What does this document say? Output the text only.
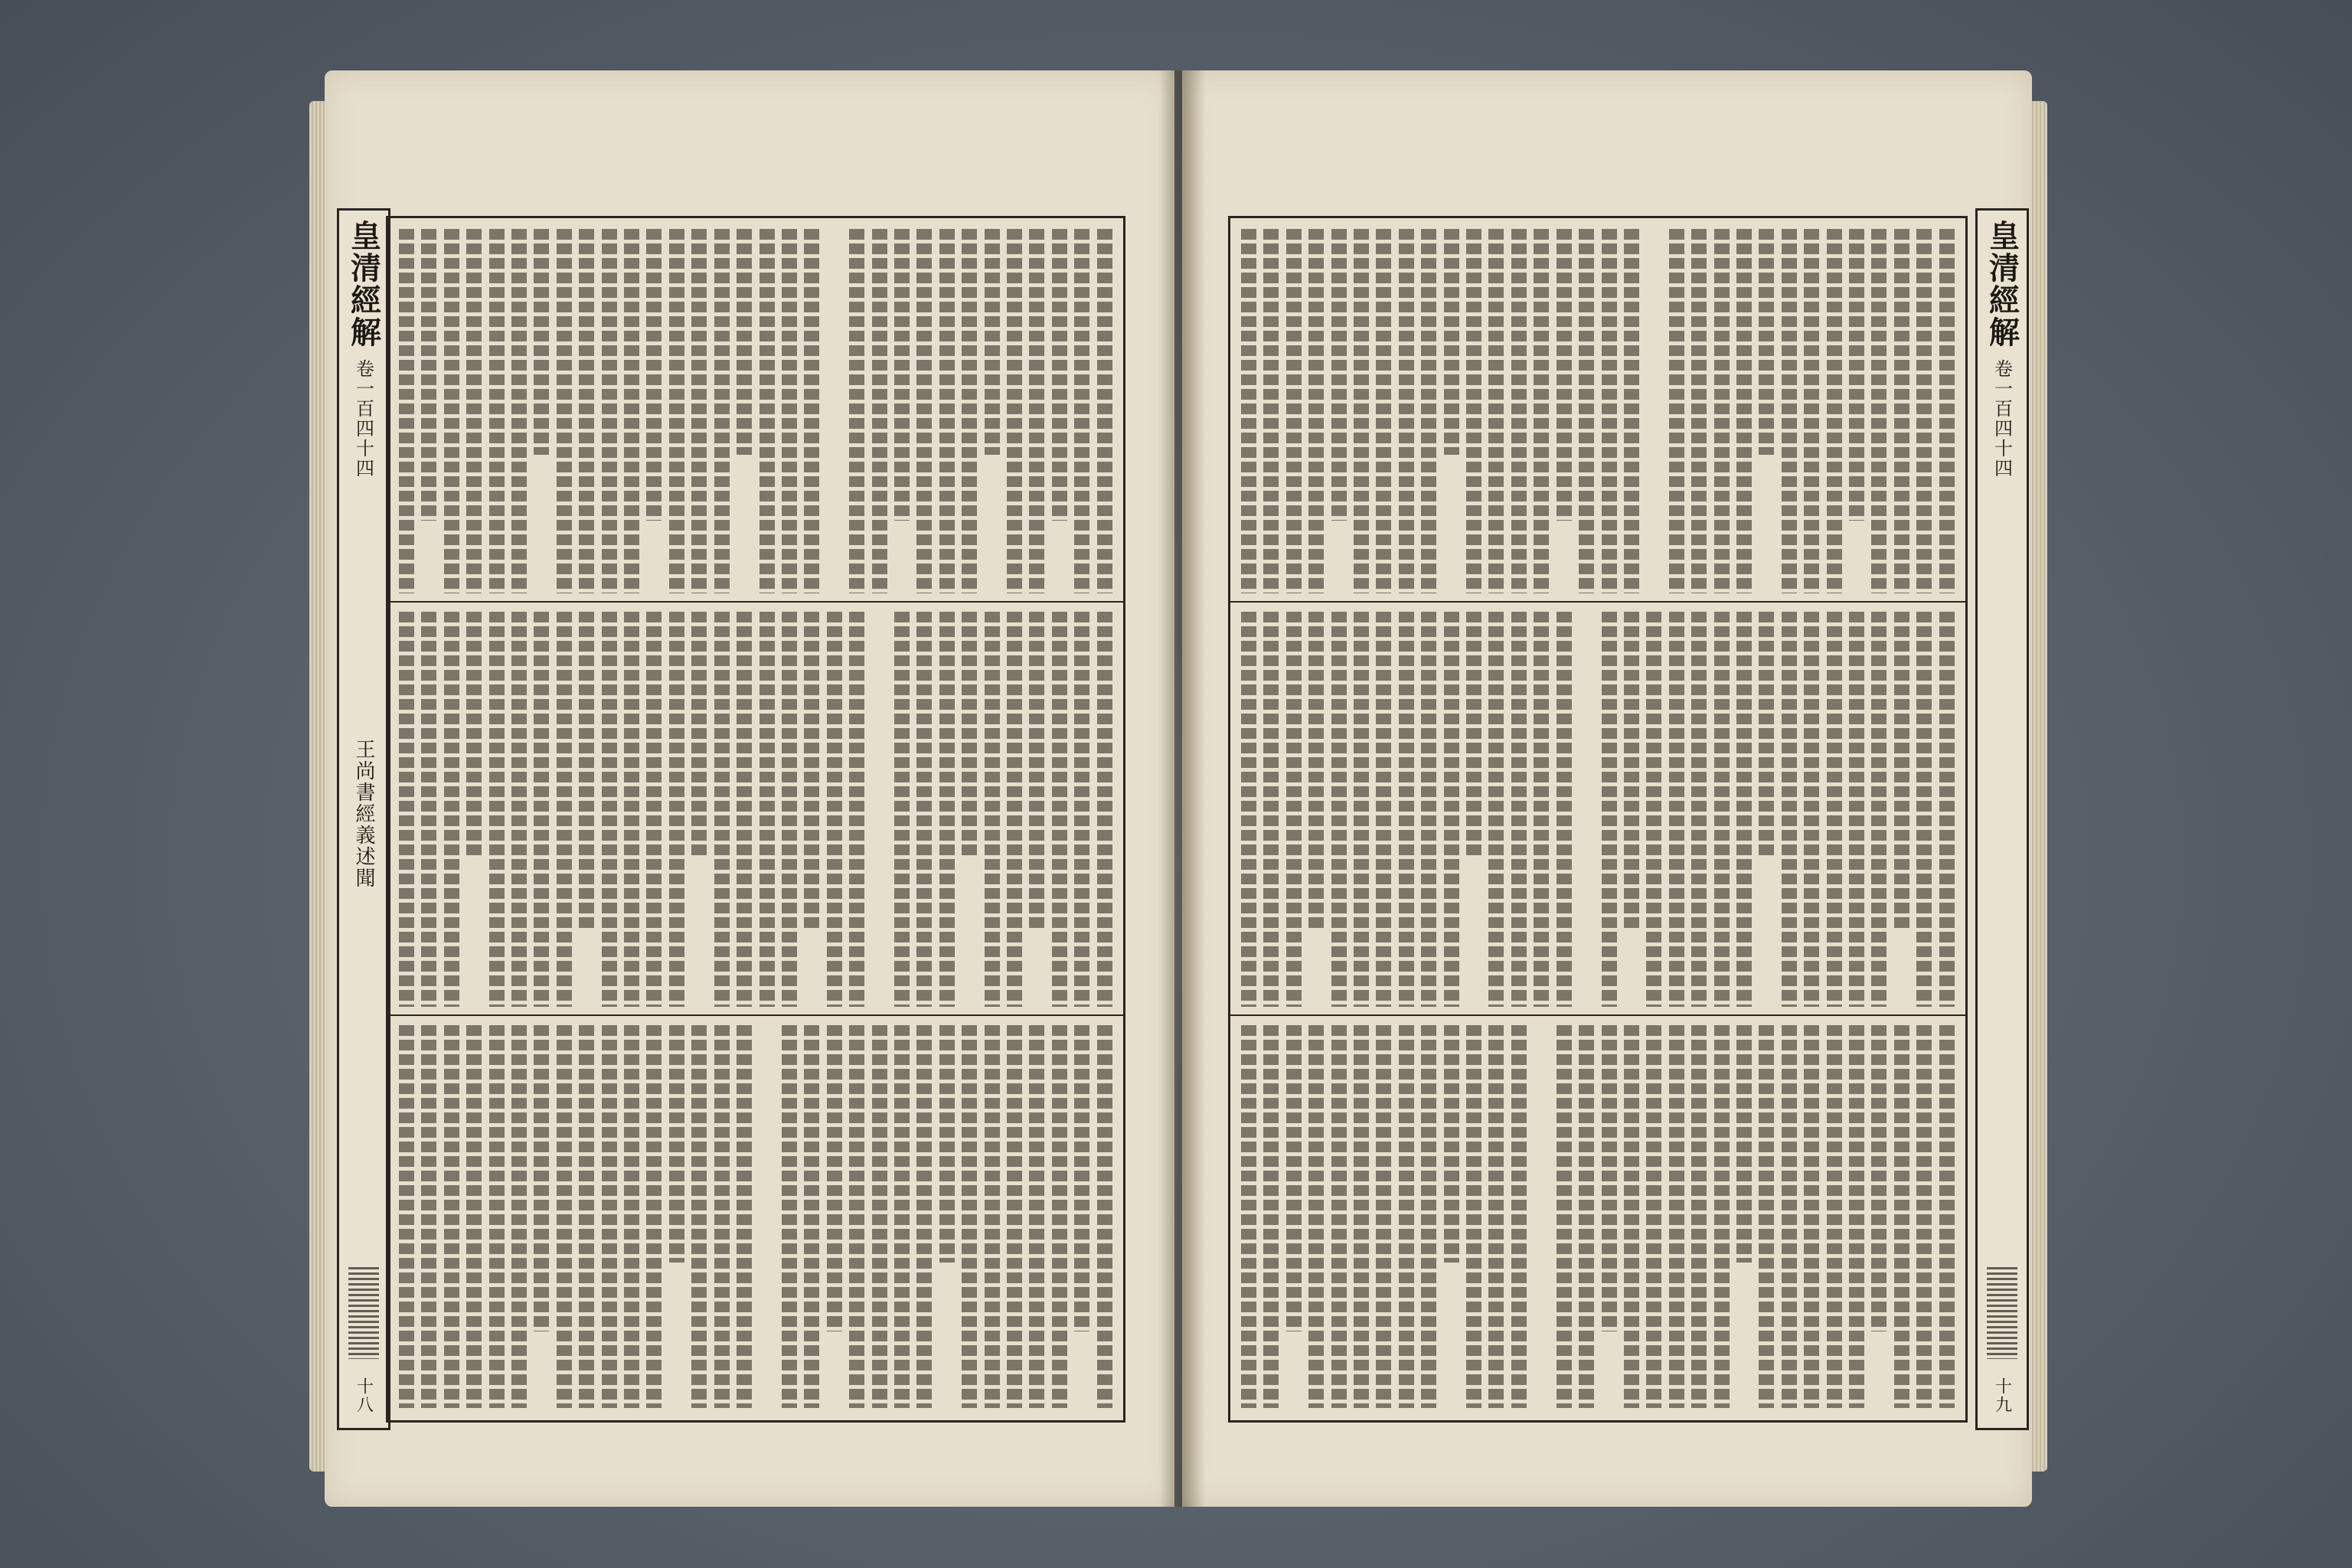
皇清經解
卷一百四十四
王尚書經義述聞
十八
皇清經解
卷一百四十四
十九
